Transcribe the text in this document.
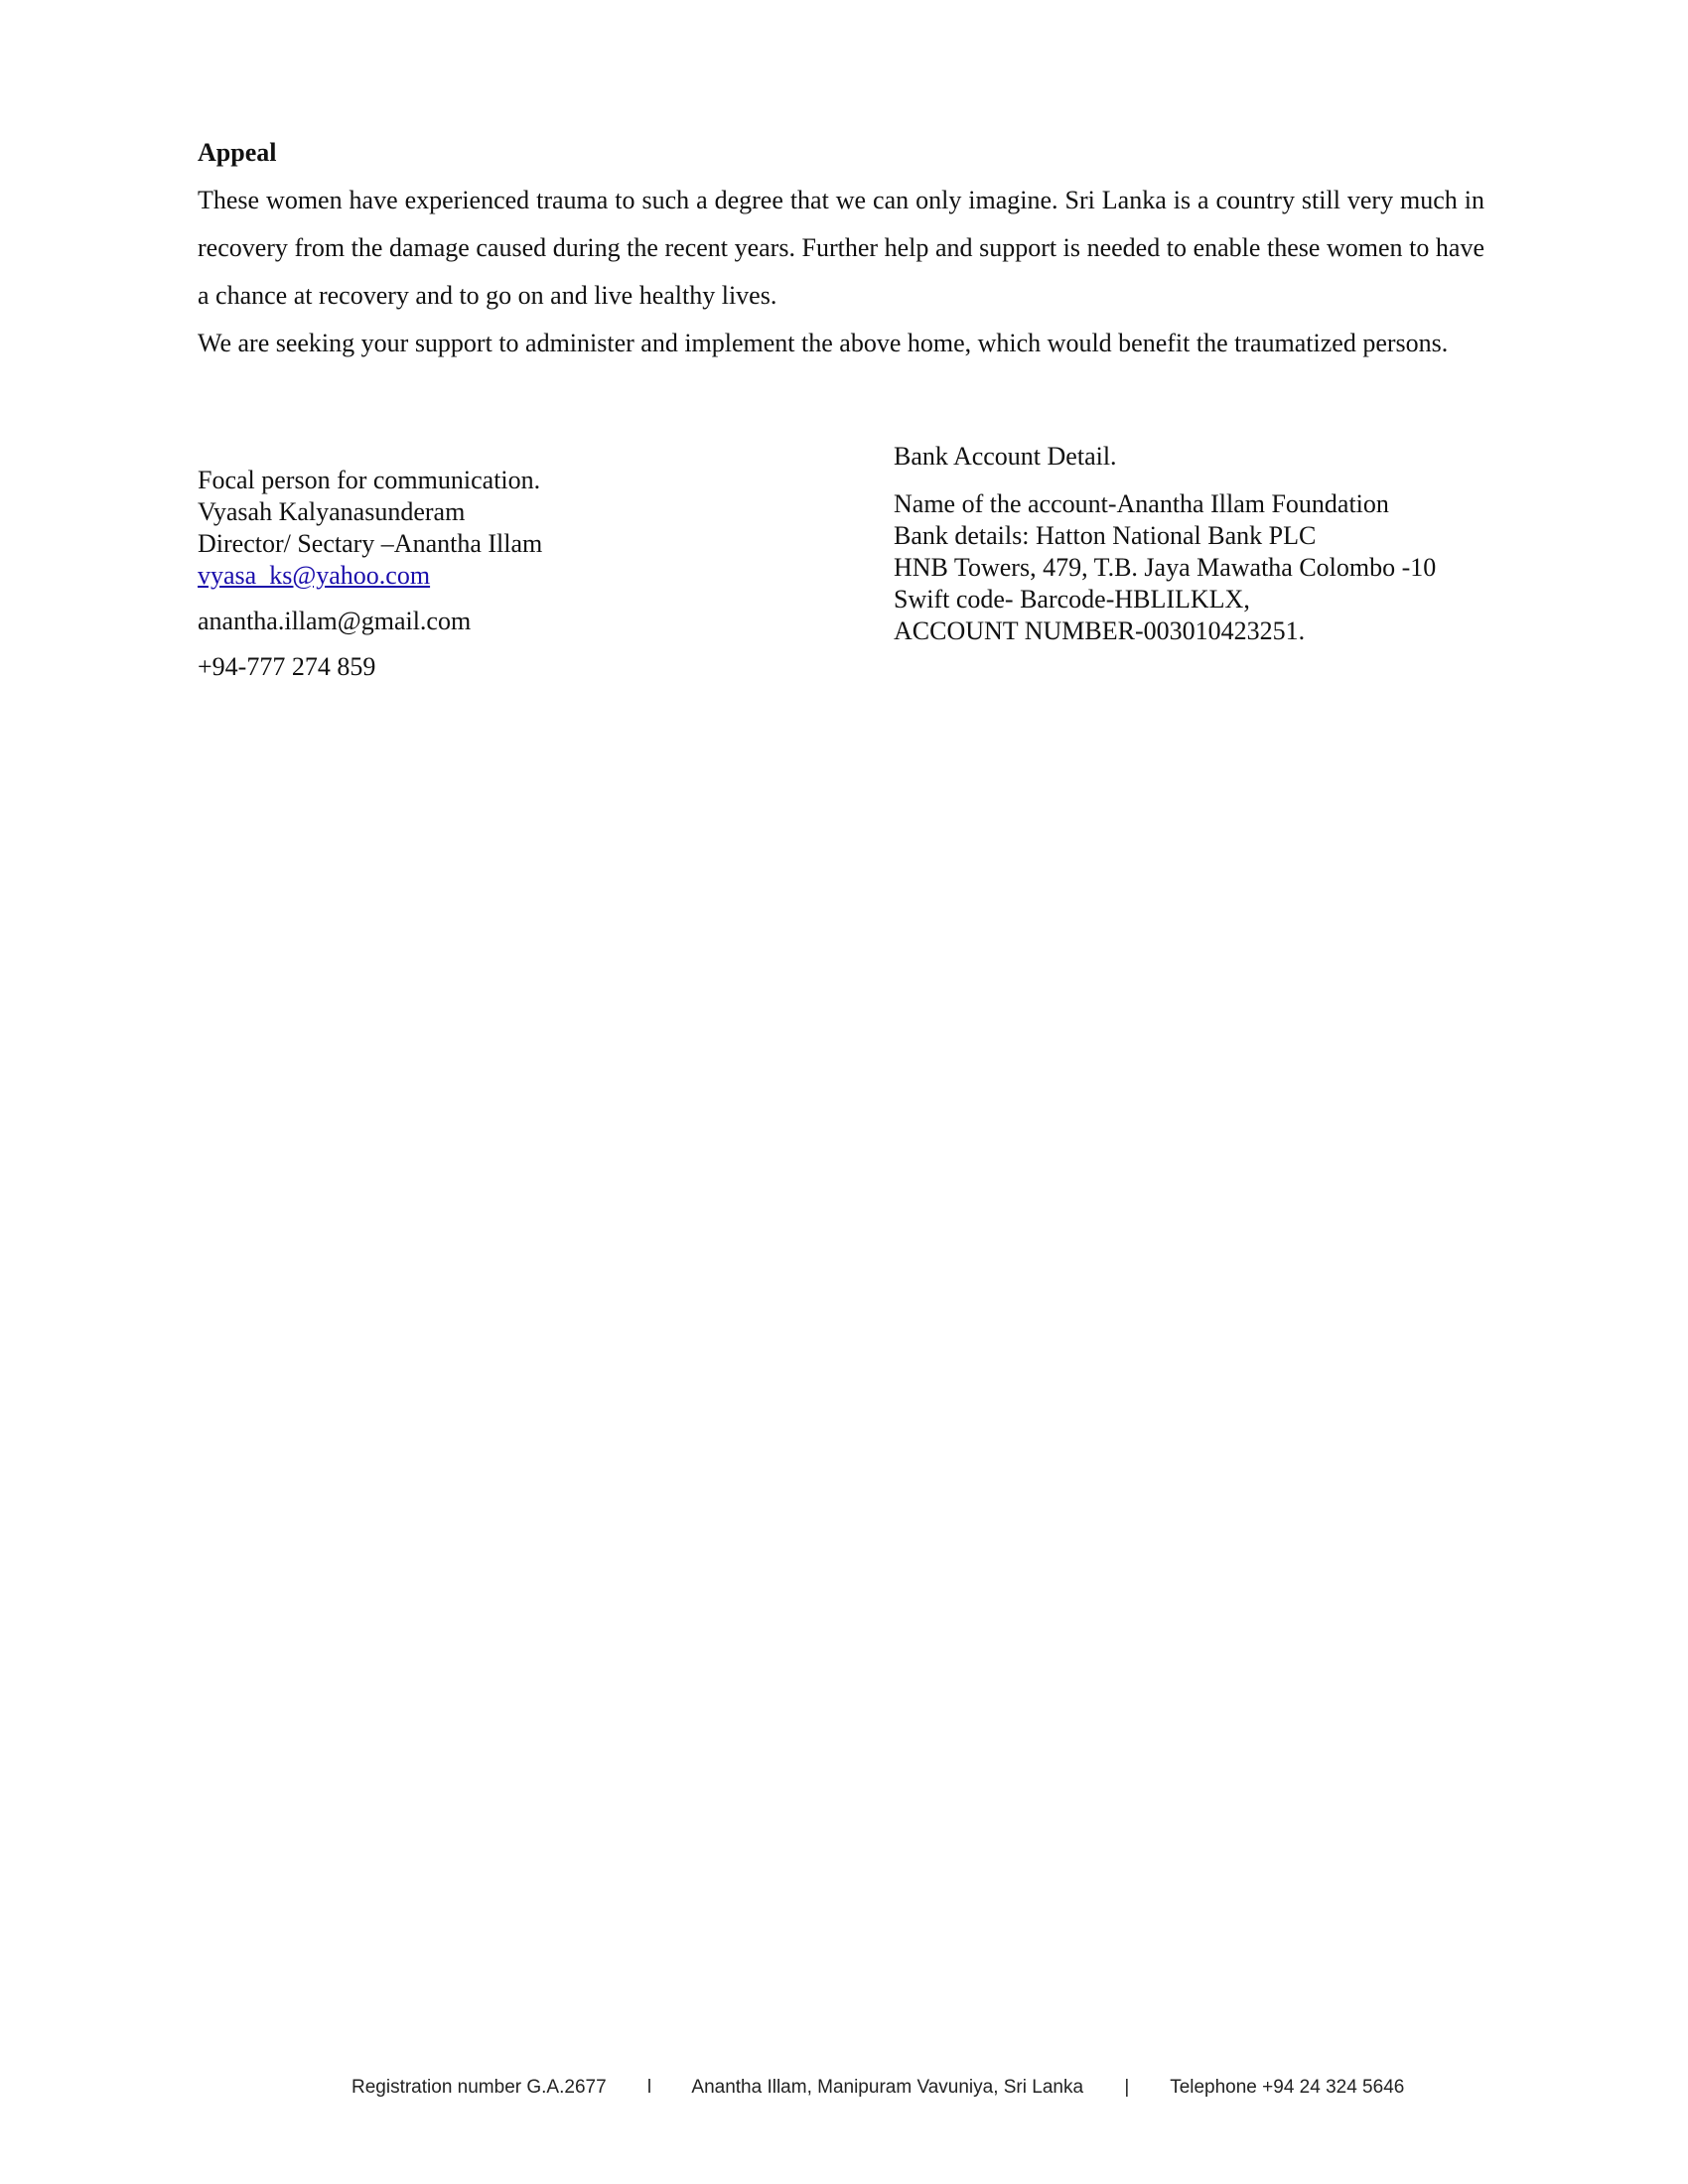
Appeal

These women have experienced trauma to such a degree that we can only imagine. Sri Lanka is a country still very much in recovery from the damage caused during the recent years. Further help and support is needed to enable these women to have a chance at recovery and to go on and live healthy lives.

We are seeking your support to administer and implement the above home, which would benefit the traumatized persons.

Focal person for communication.
Vyasah Kalyanasunderam
Director/ Sectary –Anantha Illam
vyasa_ks@yahoo.com
anantha.illam@gmail.com
+94-777 274 859
Bank Account Detail.
Name of the account-Anantha Illam Foundation
Bank details: Hatton National Bank PLC
HNB Towers, 479, T.B. Jaya Mawatha Colombo -10
Swift code- Barcode-HBLILKLX,
ACCOUNT NUMBER-003010423251.
Registration number G.A.2677 l Anantha Illam, Manipuram Vavuniya, Sri Lanka | Telephone +94 24 324 5646
